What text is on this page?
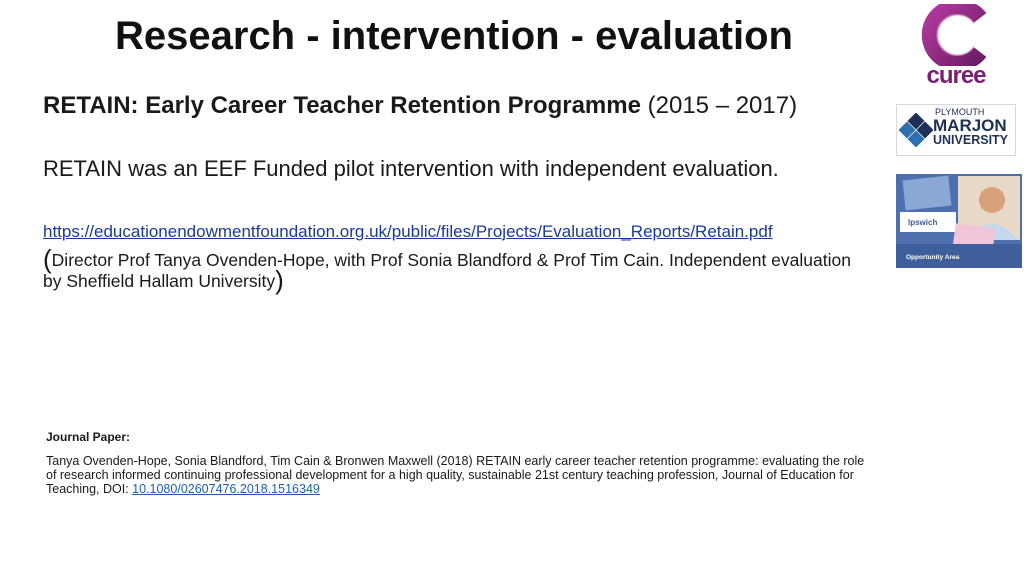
Research - intervention - evaluation
RETAIN: Early Career Teacher Retention Programme (2015 – 2017)
RETAIN was an EEF Funded pilot intervention with independent evaluation.
https://educationendowmentfoundation.org.uk/public/files/Projects/Evaluation_Reports/Retain.pdf
(Director Prof Tanya Ovenden-Hope, with Prof Sonia Blandford & Prof Tim Cain. Independent evaluation by Sheffield Hallam University)
Journal Paper:
Tanya Ovenden-Hope, Sonia Blandford, Tim Cain & Bronwen Maxwell (2018) RETAIN early career teacher retention programme: evaluating the role of research informed continuing professional development for a high quality, sustainable 21st century teaching profession, Journal of Education for Teaching, DOI: 10.1080/02607476.2018.1516349
curee
PLYMOUTH
MARJON
UNIVERSITY
Ipswich
Opportunity Area
